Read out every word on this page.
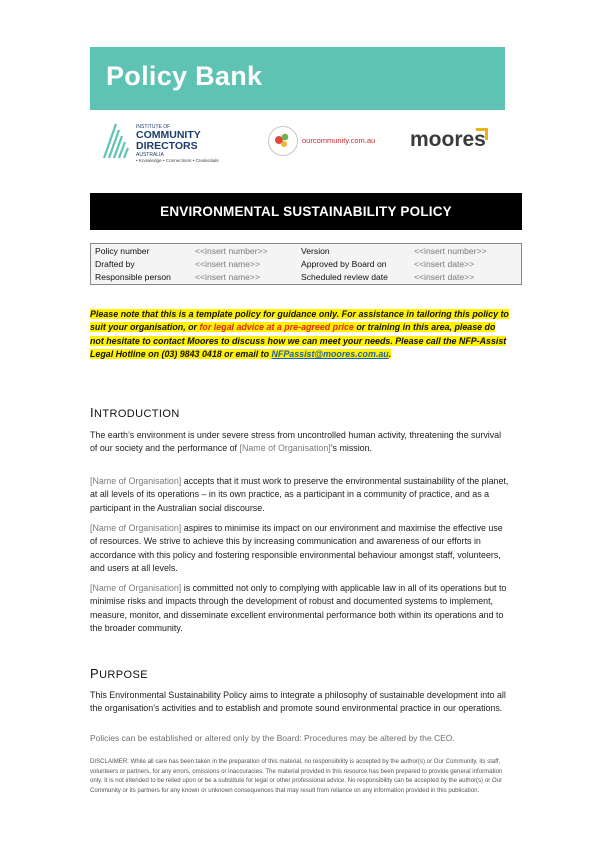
Policy Bank
INSTITUTE OF
COMMUNITY DIRECTORS
AUSTRALIA
• Knowledge • Connections • Credentials
ourcommunity.com.au moores
ENVIRONMENTAL SUSTAINABILITY POLICY
Policy number	<<insert number>>	Version	<<insert number>>
Drafted by	<<insert name>>	Approved by Board on	<<insert date>>
Responsible person	<<insert name>>	Scheduled review date	<<insert date>>
Please note that this is a template policy for guidance only. For assistance in tailoring this policy to suit your organisation, or for legal advice at a pre-agreed price or training in this area, please do not hesitate to contact Moores to discuss how we can meet your needs. Please call the NFP-Assist Legal Hotline on (03) 9843 0418 or email to NFPassist@moores.com.au.
INTRODUCTION
The earth’s environment is under severe stress from uncontrolled human activity, threatening the survival of our society and the performance of [Name of Organisation]’s mission.
[Name of Organisation] accepts that it must work to preserve the environmental sustainability of the planet, at all levels of its operations – in its own practice, as a participant in a community of practice, and as a participant in the Australian social discourse.
[Name of Organisation] aspires to minimise its impact on our environment and maximise the effective use of resources. We strive to achieve this by increasing communication and awareness of our efforts in accordance with this policy and fostering responsible environmental behaviour amongst staff, volunteers, and users at all levels.
[Name of Organisation] is committed not only to complying with applicable law in all of its operations but to minimise risks and impacts through the development of robust and documented systems to implement, measure, monitor, and disseminate excellent environmental performance both within its operations and to the broader community.
PURPOSE
This Environmental Sustainability Policy aims to integrate a philosophy of sustainable development into all the organisation’s activities and to establish and promote sound environmental practice in our operations.
Policies can be established or altered only by the Board: Procedures may be altered by the CEO.
DISCLAIMER: While all care has been taken in the preparation of this material, no responsibility is accepted by the author(s) or Our Community, its staff, volunteers or partners, for any errors, omissions or inaccuracies. The material provided in this resource has been prepared to provide general information only. It is not intended to be relied upon or be a substitute for legal or other professional advice. No responsibility can be accepted by the author(s) or Our Community or its partners for any known or unknown consequences that may result from reliance on any information provided in this publication.
